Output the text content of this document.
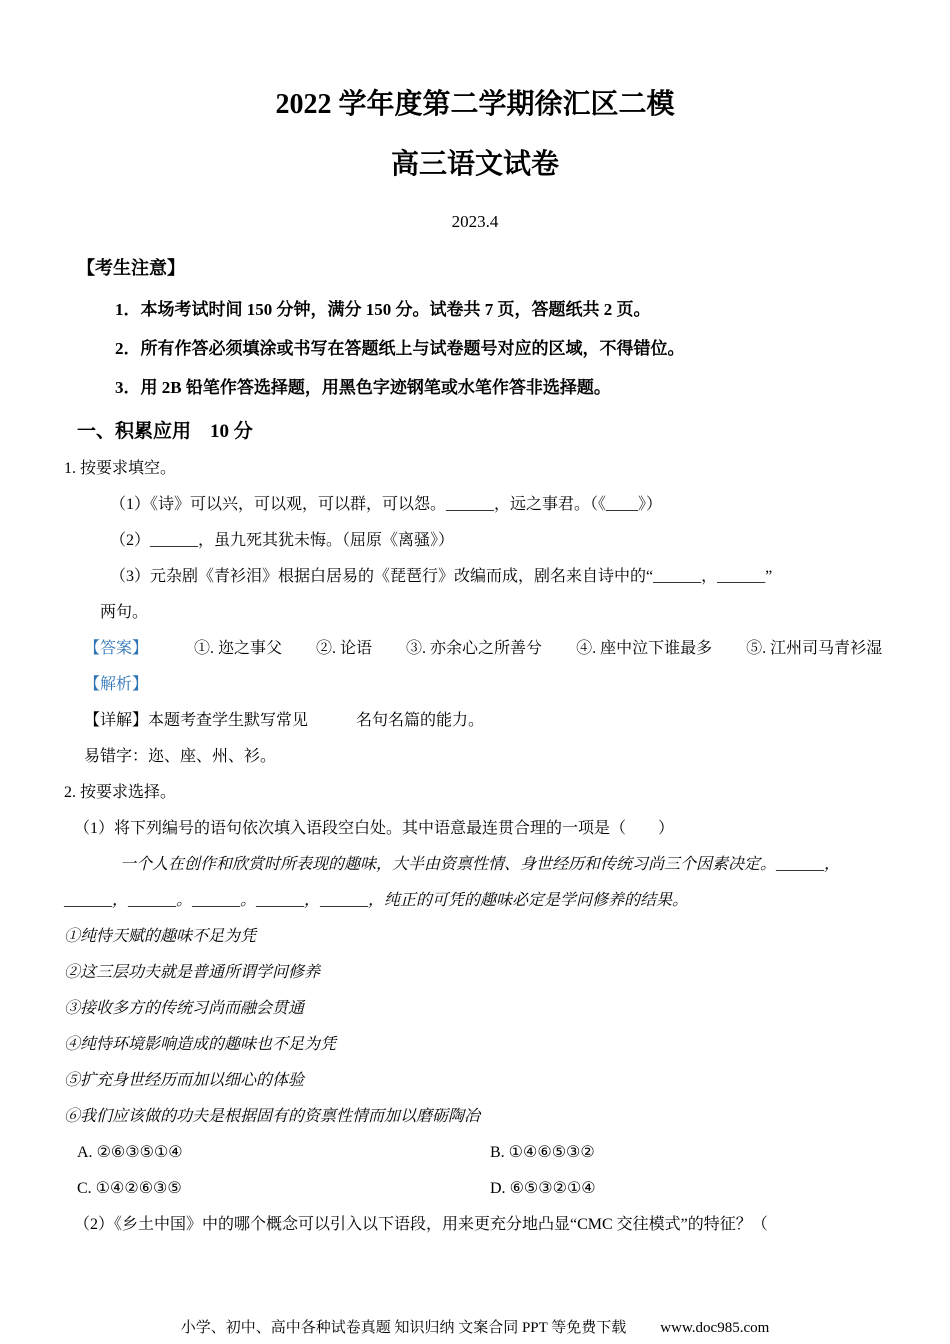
2022 学年度第二学期徐汇区二模
高三语文试卷
2023.4
【考生注意】
1．本场考试时间 150 分钟，满分 150 分。试卷共 7 页，答题纸共 2 页。
2．所有作答必须填涂或书写在答题纸上与试卷题号对应的区域，不得错位。
3．用 2B 铅笔作答选择题，用黑色字迹钢笔或水笔作答非选择题。
一、积累应用　10 分

1. 按要求填空。

（1）《诗》可以兴，可以观，可以群，可以怨。______，远之事君。（《____》）

（2）______，虽九死其犹未悔。（屈原《离骚》）

（3）元杂剧《青衫泪》根据白居易的《琵琶行》改编而成，剧名来自诗中的“______，______”

两句。

【答案】	①. 迩之事父 ②. 论语 ③. 亦余心之所善兮 ④. 座中泣下谁最多 ⑤. 江州司马青衫湿

【解析】

【详解】本题考查学生默写常见　　　名句名篇的能力。

易错字：迩、座、州、衫。

2. 按要求选择。

（1）将下列编号的语句依次填入语段空白处。其中语意最连贯合理的一项是（　　）

一个人在创作和欣赏时所表现的趣味，大半由资禀性情、身世经历和传统习尚三个因素决定。______，

______，______。______。______，______，纯正的可凭的趣味必定是学问修养的结果。

①纯恃天赋的趣味不足为凭

②这三层功夫就是普通所谓学问修养

③接收多方的传统习尚而融会贯通

④纯恃环境影响造成的趣味也不足为凭

⑤扩充身世经历而加以细心的体验

⑥我们应该做的功夫是根据固有的资禀性情而加以磨砺陶冶

A. ②⑥③⑤①④	B. ①④⑥⑤③②
C. ①④②⑥③⑤	D. ⑥⑤③②①④

（2）《乡土中国》中的哪个概念可以引入以下语段，用来更充分地凸显“CMC 交往模式”的特征？（

小学、初中、高中各种试卷真题 知识归纳 文案合同 PPT 等免费下载 www.doc985.com
